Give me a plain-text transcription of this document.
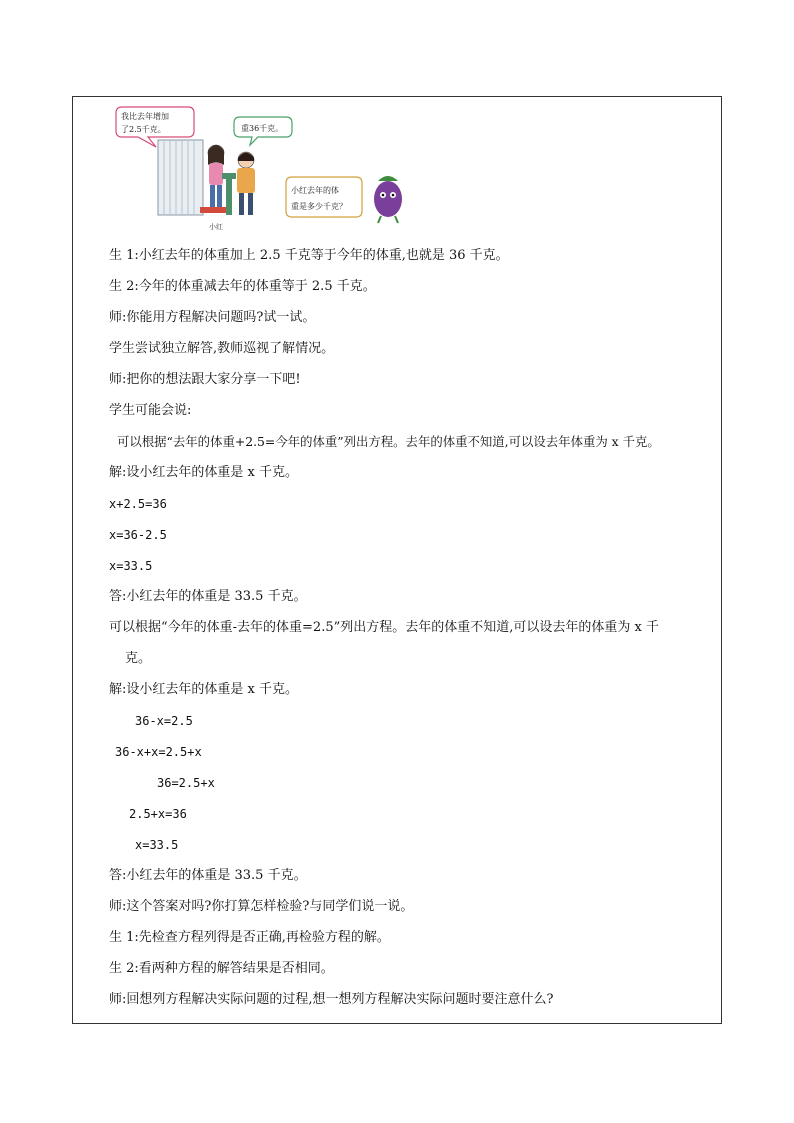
小红
我比去年增加
了2.5千克。	重36千克。
小红去年的体
重是多少千克？
生 1:小红去年的体重加上 2.5 千克等于今年的体重,也就是 36 千克。
生 2:今年的体重减去年的体重等于 2.5 千克。
师:你能用方程解决问题吗?试一试。
学生尝试独立解答,教师巡视了解情况。
师:把你的想法跟大家分享一下吧!
学生可能会说:
可以根据“去年的体重+2.5=今年的体重”列出方程。去年的体重不知道,可以设去年体重为 x 千克。
解:设小红去年的体重是 x 千克。
x+2.5=36
x=36-2.5
x=33.5
答:小红去年的体重是 33.5 千克。
可以根据“今年的体重-去年的体重=2.5”列出方程。去年的体重不知道,可以设去年的体重为 x 千
克。
解:设小红去年的体重是 x 千克。
36-x=2.5
36-x+x=2.5+x
36=2.5+x
2.5+x=36
x=33.5
答:小红去年的体重是 33.5 千克。
师:这个答案对吗?你打算怎样检验?与同学们说一说。
生 1:先检查方程列得是否正确,再检验方程的解。
生 2:看两种方程的解答结果是否相同。
师:回想列方程解决实际问题的过程,想一想列方程解决实际问题时要注意什么?
